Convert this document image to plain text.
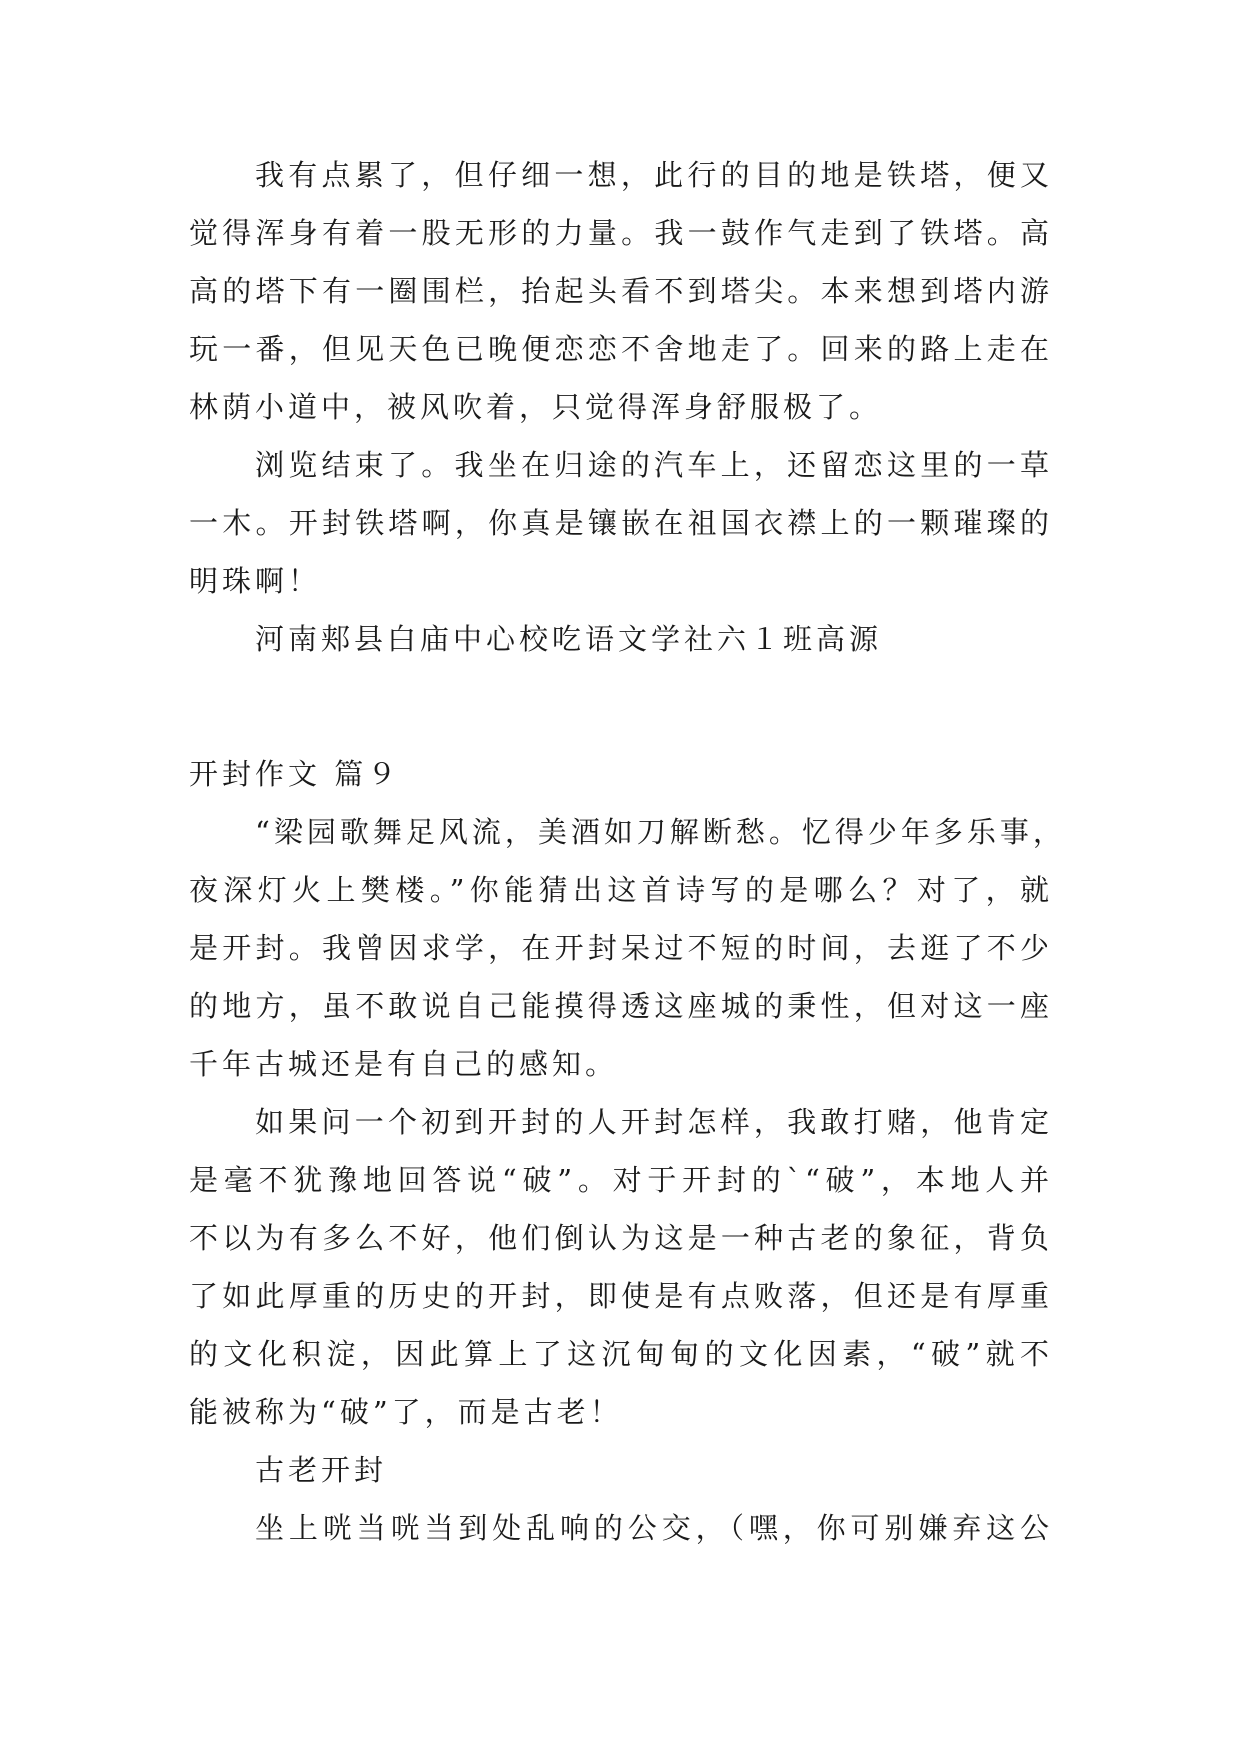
我有点累了，但仔细一想，此行的目的地是铁塔，便又
觉得浑身有着一股无形的力量。我一鼓作气走到了铁塔。高
高的塔下有一圈围栏，抬起头看不到塔尖。本来想到塔内游
玩一番，但见天色已晚便恋恋不舍地走了。回来的路上走在
林荫小道中，被风吹着，只觉得浑身舒服极了。
浏览结束了。我坐在归途的汽车上，还留恋这里的一草
一木。开封铁塔啊，你真是镶嵌在祖国衣襟上的一颗璀璨的
明珠啊！
河南郏县白庙中心校吃语文学社六１班高源
开封作文 篇９
“梁园歌舞足风流，美酒如刀解断愁。忆得少年多乐事，
夜深灯火上樊楼。”你能猜出这首诗写的是哪么？对了，就
是开封。我曾因求学，在开封呆过不短的时间，去逛了不少
的地方，虽不敢说自己能摸得透这座城的秉性，但对这一座
千年古城还是有自己的感知。
如果问一个初到开封的人开封怎样，我敢打赌，他肯定
是毫不犹豫地回答说“破”。对于开封的`“破”，本地人并
不以为有多么不好，他们倒认为这是一种古老的象征，背负
了如此厚重的历史的开封，即使是有点败落，但还是有厚重
的文化积淀，因此算上了这沉甸甸的文化因素，“破”就不
能被称为“破”了，而是古老！
古老开封
坐上咣当咣当到处乱响的公交，（嘿，你可别嫌弃这公
